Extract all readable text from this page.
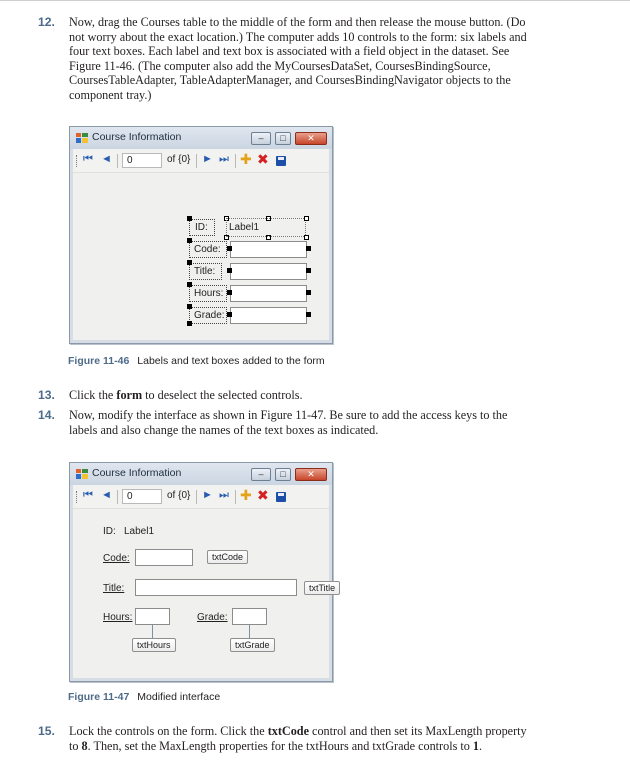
12.	Now, drag the Courses table to the middle of the form and then release the mouse button. (Do not worry about the exact location.) The computer adds 10 controls to the form: six labels and four text boxes. Each label and text box is associated with a field object in the dataset. See Figure 11-46. (The computer also add the MyCoursesDataSet, CoursesBindingSource, CoursesTableAdapter, TableAdapterManager, and CoursesBindingNavigator objects to the component tray.)
Course Information	–	□	✕
⏮ ◄	0	of {0} ► ⏭ ✚ ✖
ID: Label1
Code:
Title:
Hours:
Grade:
Figure 11-46 Labels and text boxes added to the form
13.	Click the form to deselect the selected controls.
14.	Now, modify the interface as shown in Figure 11-47. Be sure to add the access keys to the labels and also change the names of the text boxes as indicated.
Course Information	–	□	✕
⏮ ◄	0	of {0} ► ⏭ ✚ ✖
ID: Label1
Code:	txtCode
Title:	txtTitle
Hours:	Grade:
txtHours	txtGrade
Figure 11-47 Modified interface
15.	Lock the controls on the form. Click the txtCode control and then set its MaxLength property to 8. Then, set the MaxLength properties for the txtHours and txtGrade controls to 1.
